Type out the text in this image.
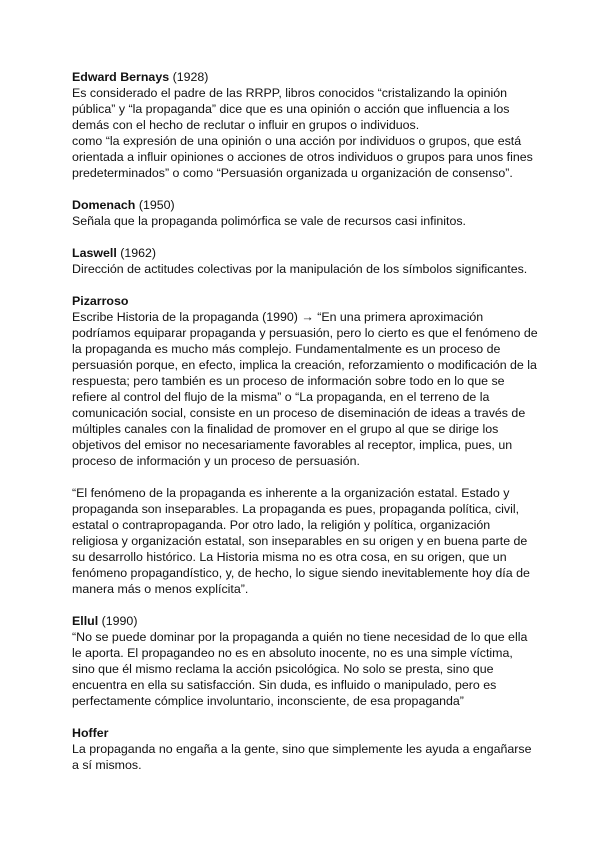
Edward Bernays (1928)

Es considerado el padre de las RRPP, libros conocidos “cristalizando la opinión
pública” y “la propaganda” dice que es una opinión o acción que influencia a los
demás con el hecho de reclutar o influir en grupos o individuos.
como “la expresión de una opinión o una acción por individuos o grupos, que está
orientada a influir opiniones o acciones de otros individuos o grupos para unos fines
predeterminados” o como “Persuasión organizada u organización de consenso”.

Domenach (1950)

Señala que la propaganda polimórfica se vale de recursos casi infinitos.

Laswell (1962)

Dirección de actitudes colectivas por la manipulación de los símbolos significantes.

Pizarroso

Escribe Historia de la propaganda (1990) → “En una primera aproximación
podríamos equiparar propaganda y persuasión, pero lo cierto es que el fenómeno de
la propaganda es mucho más complejo. Fundamentalmente es un proceso de
persuasión porque, en efecto, implica la creación, reforzamiento o modificación de la
respuesta; pero también es un proceso de información sobre todo en lo que se
refiere al control del flujo de la misma” o “La propaganda, en el terreno de la
comunicación social, consiste en un proceso de diseminación de ideas a través de
múltiples canales con la finalidad de promover en el grupo al que se dirige los
objetivos del emisor no necesariamente favorables al receptor, implica, pues, un
proceso de información y un proceso de persuasión.

“El fenómeno de la propaganda es inherente a la organización estatal. Estado y
propaganda son inseparables. La propaganda es pues, propaganda política, civil,
estatal o contrapropaganda. Por otro lado, la religión y política, organización
religiosa y organización estatal, son inseparables en su origen y en buena parte de
su desarrollo histórico. La Historia misma no es otra cosa, en su origen, que un
fenómeno propagandístico, y, de hecho, lo sigue siendo inevitablemente hoy día de
manera más o menos explícita”.

Ellul (1990)

“No se puede dominar por la propaganda a quién no tiene necesidad de lo que ella
le aporta. El propagandeo no es en absoluto inocente, no es una simple víctima,
sino que él mismo reclama la acción psicológica. No solo se presta, sino que
encuentra en ella su satisfacción. Sin duda, es influido o manipulado, pero es
perfectamente cómplice involuntario, inconsciente, de esa propaganda”

Hoffer

La propaganda no engaña a la gente, sino que simplemente les ayuda a engañarse
a sí mismos.
